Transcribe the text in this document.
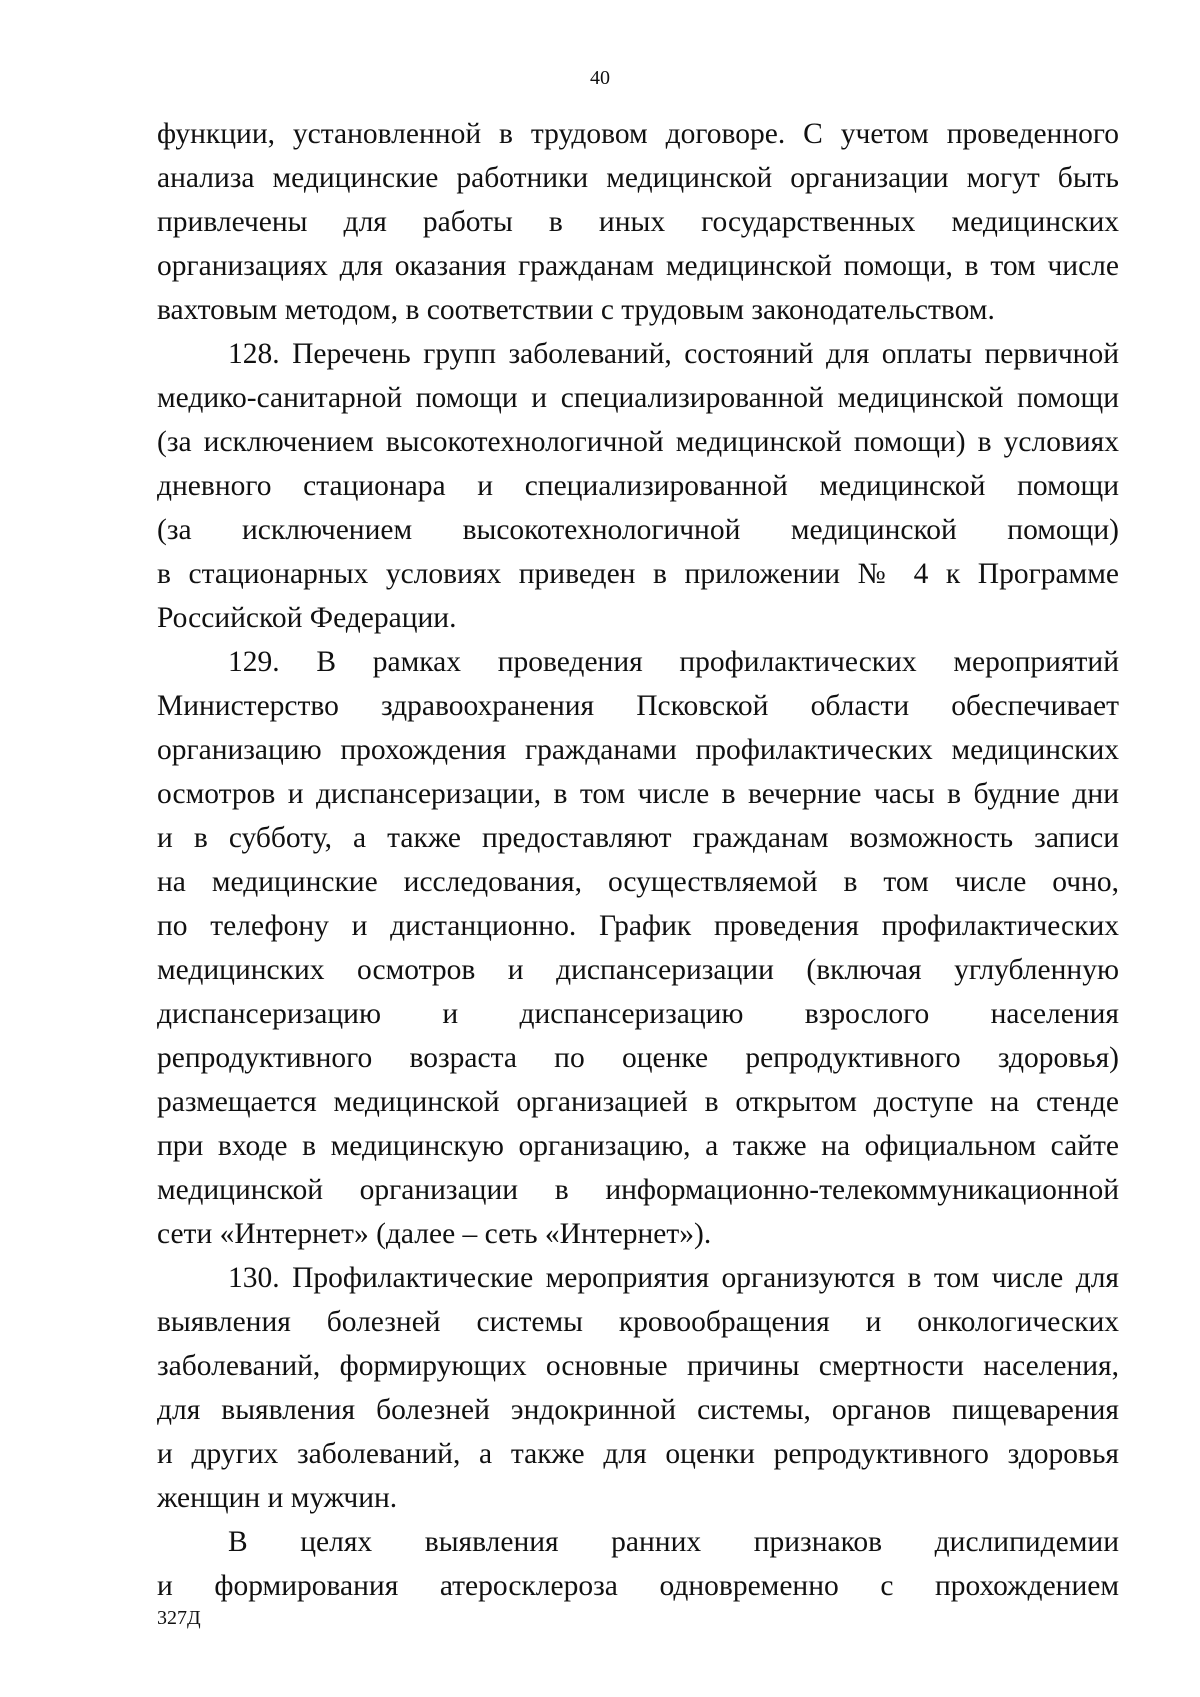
40
функции, установленной в трудовом договоре. С учетом проведенного
анализа медицинские работники медицинской организации могут быть
привлечены для работы в иных государственных медицинских
организациях для оказания гражданам медицинской помощи, в том числе
вахтовым методом, в соответствии с трудовым законодательством.
128. Перечень групп заболеваний, состояний для оплаты первичной
медико-санитарной помощи и специализированной медицинской помощи
(за исключением высокотехнологичной медицинской помощи) в условиях
дневного стационара и специализированной медицинской помощи
(за исключением высокотехнологичной медицинской помощи)
в стационарных условиях приведен в приложении № 4 к Программе
Российской Федерации.
129. В рамках проведения профилактических мероприятий
Министерство здравоохранения Псковской области обеспечивает
организацию прохождения гражданами профилактических медицинских
осмотров и диспансеризации, в том числе в вечерние часы в будние дни
и в субботу, а также предоставляют гражданам возможность записи
на медицинские исследования, осуществляемой в том числе очно,
по телефону и дистанционно. График проведения профилактических
медицинских осмотров и диспансеризации (включая углубленную
диспансеризацию и диспансеризацию взрослого населения
репродуктивного возраста по оценке репродуктивного здоровья)
размещается медицинской организацией в открытом доступе на стенде
при входе в медицинскую организацию, а также на официальном сайте
медицинской организации в информационно-телекоммуникационной
сети «Интернет» (далее – сеть «Интернет»).
130. Профилактические мероприятия организуются в том числе для
выявления болезней системы кровообращения и онкологических
заболеваний, формирующих основные причины смертности населения,
для выявления болезней эндокринной системы, органов пищеварения
и других заболеваний, а также для оценки репродуктивного здоровья
женщин и мужчин.
В целях выявления ранних признаков дислипидемии
и формирования атеросклероза одновременно с прохождением
327Д
